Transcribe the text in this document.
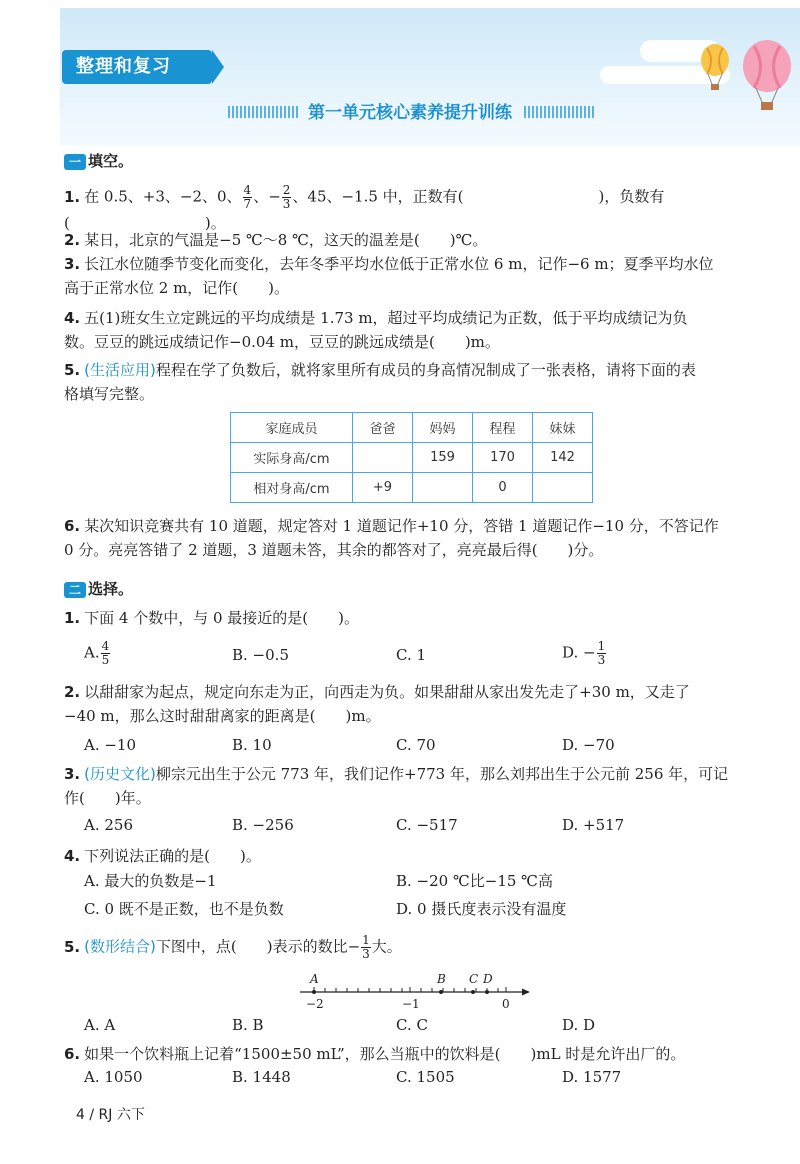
整理和复习
第一单元核心素养提升训练
一 填空。
1. 在 0.5、+3、−2、0、 $\frac{4}{7}$ 、− $\frac{2}{3}$ 、45、−1.5 中，正数有(　　　　　　　　　)，负数有(　　　　　　　　　)。
2. 某日，北京的气温是−5 ℃～8 ℃，这天的温差是(　　)℃。
3. 长江水位随季节变化而变化，去年冬季平均水位低于正常水位 6 m，记作−6 m；夏季平均水位
高于正常水位 2 m，记作(　　)。
4. 五(1)班女生立定跳远的平均成绩是 1.73 m，超过平均成绩记为正数，低于平均成绩记为负
数。豆豆的跳远成绩记作−0.04 m，豆豆的跳远成绩是(　　)m。
5. (生活应用)程程在学了负数后，就将家里所有成员的身高情况制成了一张表格，请将下面的表
格填写完整。
家庭成员	爸爸	妈妈	程程	妹妹
实际身高/cm		159	170	142
相对身高/cm	+9		0	
6. 某次知识竞赛共有 10 道题，规定答对 1 道题记作+10 分，答错 1 道题记作−10 分，不答记作
0 分。亮亮答错了 2 道题，3 道题未答，其余的都答对了，亮亮最后得(　　)分。
二 选择。
1. 下面 4 个数中，与 0 最接近的是(　　)。
A. $\frac{4}{5}$	B. −0.5	C. 1	D. − $\frac{1}{3}$
2. 以甜甜家为起点，规定向东走为正，向西走为负。如果甜甜从家出发先走了+30 m，又走了
−40 m，那么这时甜甜离家的距离是(　　)m。
A. −10	B. 10	C. 70	D. −70
3. (历史文化)柳宗元出生于公元 773 年，我们记作+773 年，那么刘邦出生于公元前 256 年，可记
作(　　)年。
A. 256	B. −256	C. −517	D. +517
4. 下列说法正确的是(　　)。
A. 最大的负数是−1	B. −20 ℃比−15 ℃高
C. 0 既不是正数，也不是负数	D. 0 摄氏度表示没有温度
5. (数形结合)下图中，点(　　)表示的数比− $\frac{1}{3}$ 大。
A	B C D
−2	−1	0
A. A	B. B	C. C	D. D
6. 如果一个饮料瓶上记着“1500±50 mL”，那么当瓶中的饮料是(　　)mL 时是允许出厂的。
A. 1050	B. 1448	C. 1505	D. 1577
4 / RJ 六下
